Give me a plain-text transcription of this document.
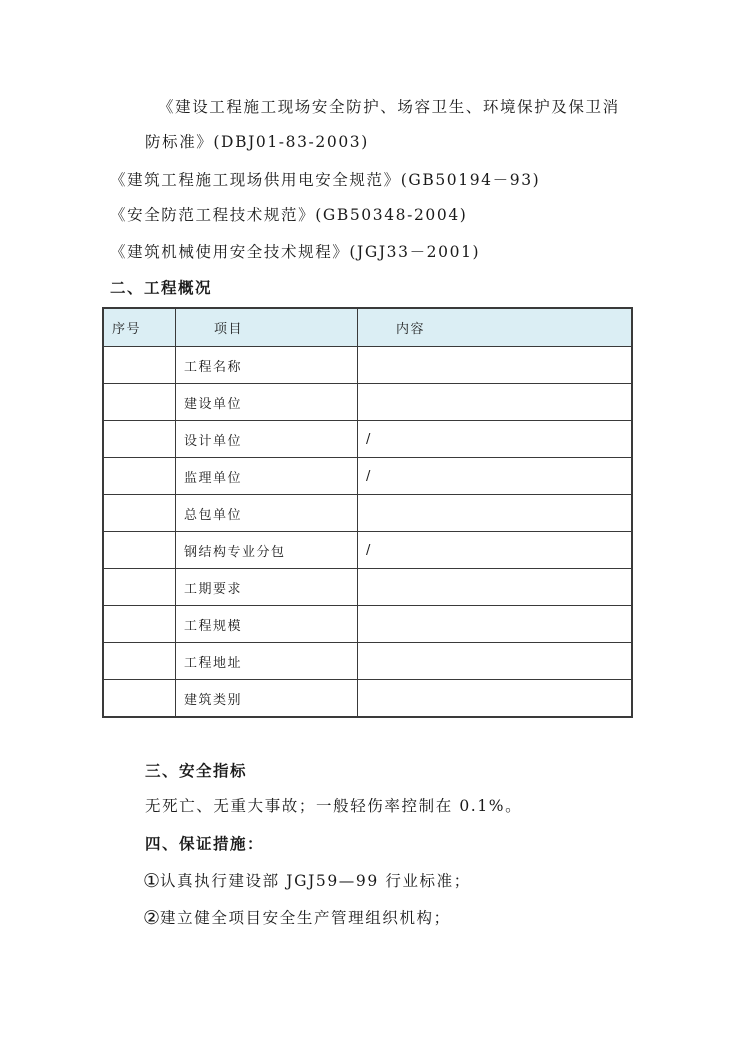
《建设工程施工现场安全防护、场容卫生、环境保护及保卫消
防标准》(DBJ01-83-2003)
《建筑工程施工现场供用电安全规范》(GB50194－93)
《安全防范工程技术规范》(GB50348-2004)
《建筑机械使用安全技术规程》(JGJ33－2001)
二、工程概况
序号	项目	内容
	工程名称	
	建设单位	
	设计单位	/
	监理单位	/
	总包单位	
	钢结构专业分包	/
	工期要求	
	工程规模	
	工程地址	
	建筑类别	
三、安全指标
无死亡、无重大事故；一般轻伤率控制在 0.1%。
四、保证措施：
①认真执行建设部 JGJ59—99 行业标准；
②建立健全项目安全生产管理组织机构；
